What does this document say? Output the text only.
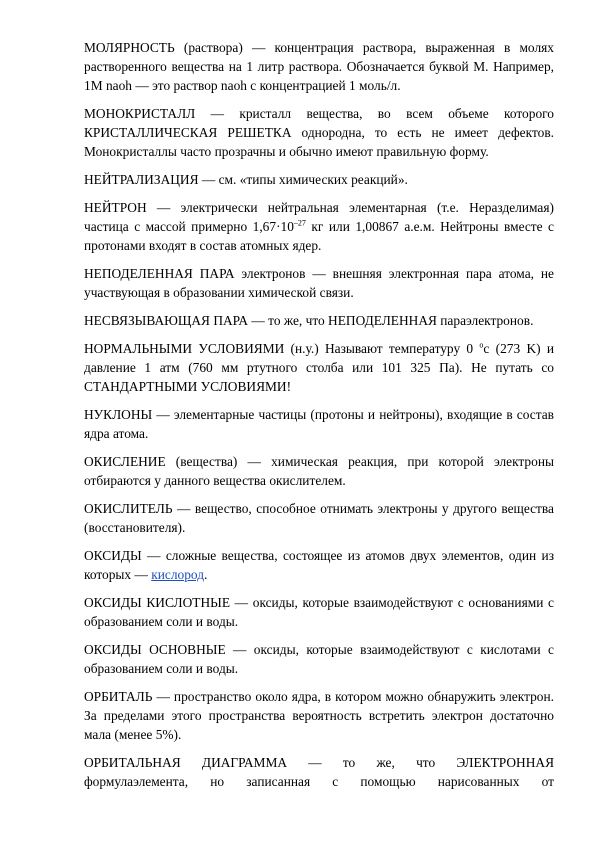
МОЛЯРНОСТЬ (раствора) — концентрация раствора, выраженная в молях растворенного вещества на 1 литр раствора. Обозначается буквой М. Например, 1М naoh — это раствор naoh с концентрацией 1 моль/л.

МОНОКРИСТАЛЛ — кристалл вещества, во всем объеме которого КРИСТАЛЛИЧЕСКАЯ РЕШЕТКА однородна, то есть не имеет дефектов. Монокристаллы часто прозрачны и обычно имеют правильную форму.

НЕЙТРАЛИЗАЦИЯ — см. «типы химических реакций».

НЕЙТРОН — электрически нейтральная элементарная (т.е. Неразделимая) частица с массой примерно $1,67\cdot 10^{-27}$ кг или 1,00867 а.е.м. Нейтроны вместе с протонами входят в состав атомных ядер.

НЕПОДЕЛЕННАЯ ПАРА электронов — внешняя электронная пара атома, не участвующая в образовании химической связи.

НЕСВЯЗЫВАЮЩАЯ ПАРА — то же, что НЕПОДЕЛЕННАЯ параэлектронов.

НОРМАЛЬНЫМИ УСЛОВИЯМИ (н.у.) Называют температуру 0 $^o$c (273 K) и давление 1 атм (760 мм ртутного столба или 101 325 Па). Не путать со СТАНДАРТНЫМИ УСЛОВИЯМИ!

НУКЛОНЫ — элементарные частицы (протоны и нейтроны), входящие в состав ядра атома.

ОКИСЛЕНИЕ (вещества) — химическая реакция, при которой электроны отбираются у данного вещества окислителем.

ОКИСЛИТЕЛЬ — вещество, способное отнимать электроны у другого вещества (восстановителя).

ОКСИДЫ — сложные вещества, состоящее из атомов двух элементов, один из которых — кислород.

ОКСИДЫ КИСЛОТНЫЕ — оксиды, которые взаимодействуют с основаниями с образованием соли и воды.

ОКСИДЫ ОСНОВНЫЕ — оксиды, которые взаимодействуют с кислотами с образованием соли и воды.

ОРБИТАЛЬ — пространство около ядра, в котором можно обнаружить электрон. За пределами этого пространства вероятность встретить электрон достаточно мала (менее 5%).

ОРБИТАЛЬНАЯ ДИАГРАММА — то же, что ЭЛЕКТРОННАЯ формулаэлемента, но записанная с помощью нарисованных от
